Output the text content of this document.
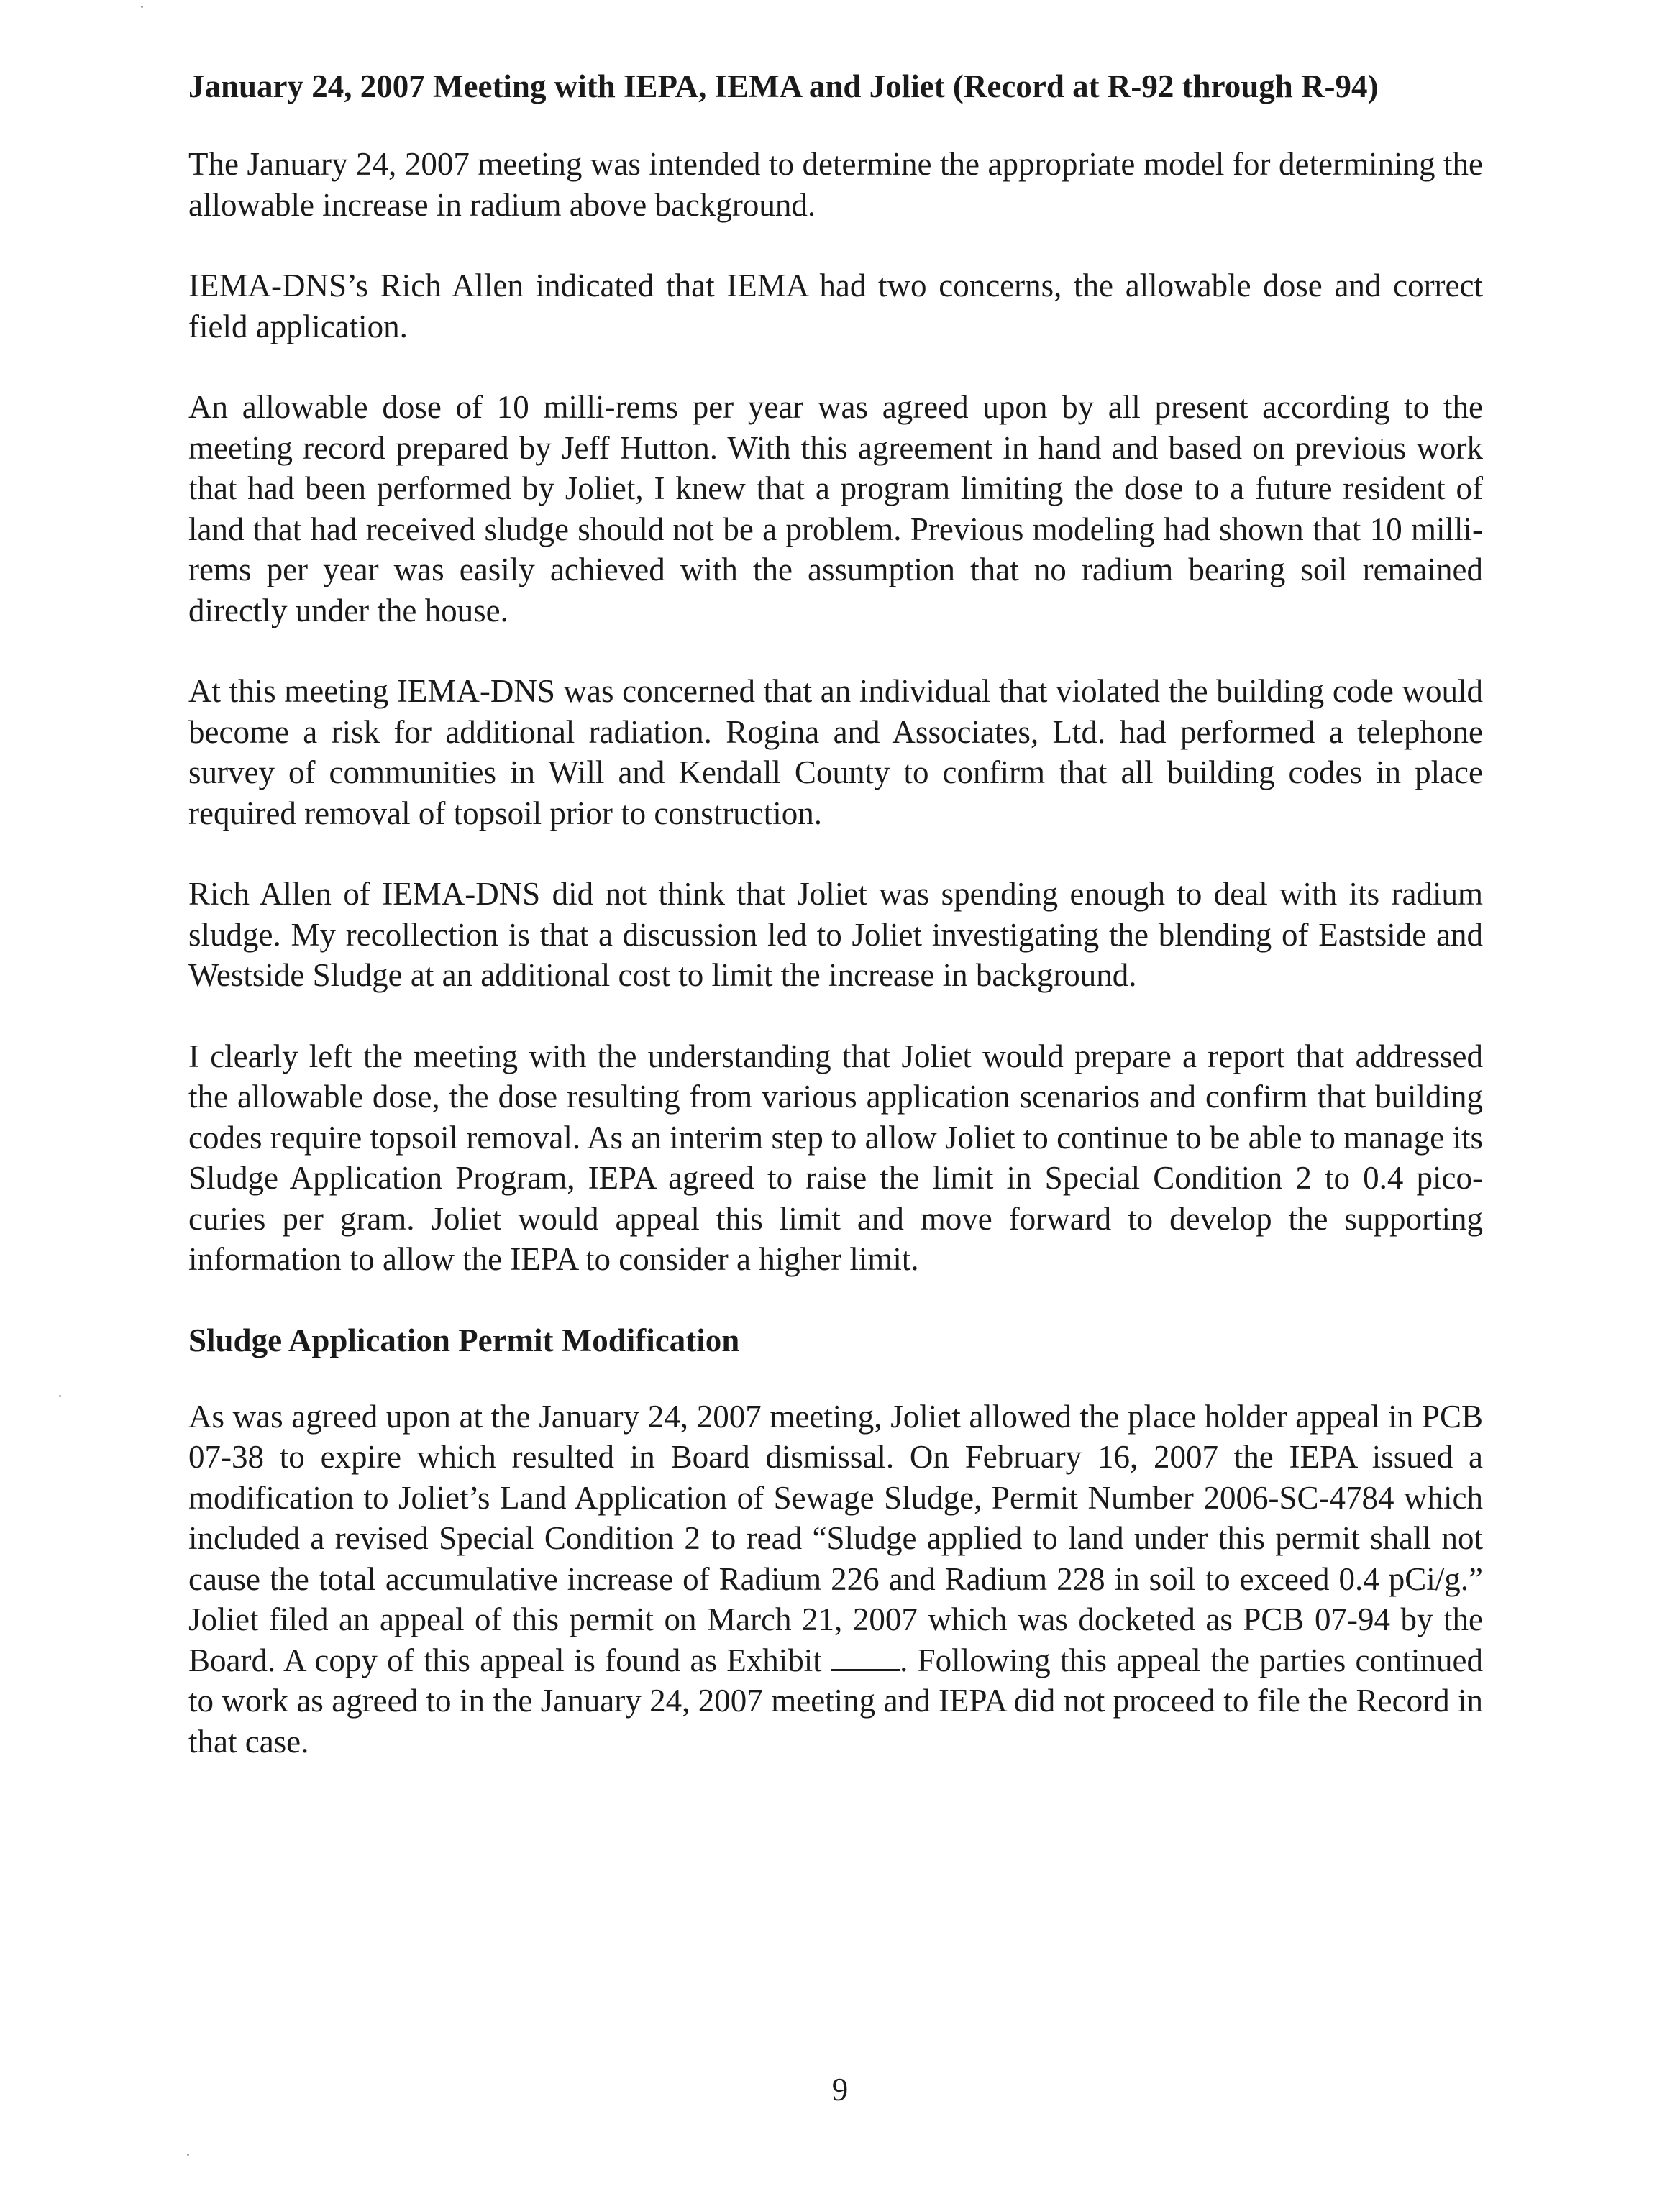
January 24, 2007 Meeting with IEPA, IEMA and Joliet (Record at R-92 through R-94)

The January 24, 2007 meeting was intended to determine the appropriate model for determining the allowable increase in radium above background.

IEMA-DNS’s Rich Allen indicated that IEMA had two concerns, the allowable dose and correct field application.

An allowable dose of 10 milli-rems per year was agreed upon by all present according to the meeting record prepared by Jeff Hutton. With this agreement in hand and based on previous work that had been performed by Joliet, I knew that a program limiting the dose to a future resident of land that had received sludge should not be a problem. Previous modeling had shown that 10 milli-rems per year was easily achieved with the assumption that no radium bearing soil remained directly under the house.

At this meeting IEMA-DNS was concerned that an individual that violated the building code would become a risk for additional radiation. Rogina and Associates, Ltd. had performed a telephone survey of communities in Will and Kendall County to confirm that all building codes in place required removal of topsoil prior to construction.

Rich Allen of IEMA-DNS did not think that Joliet was spending enough to deal with its radium sludge. My recollection is that a discussion led to Joliet investigating the blending of Eastside and Westside Sludge at an additional cost to limit the increase in background.

I clearly left the meeting with the understanding that Joliet would prepare a report that addressed the allowable dose, the dose resulting from various application scenarios and confirm that building codes require topsoil removal. As an interim step to allow Joliet to continue to be able to manage its Sludge Application Program, IEPA agreed to raise the limit in Special Condition 2 to 0.4 pico-curies per gram. Joliet would appeal this limit and move forward to develop the supporting information to allow the IEPA to consider a higher limit.

Sludge Application Permit Modification

As was agreed upon at the January 24, 2007 meeting, Joliet allowed the place holder appeal in PCB 07-38 to expire which resulted in Board dismissal. On February 16, 2007 the IEPA issued a modification to Joliet’s Land Application of Sewage Sludge, Permit Number 2006-SC-4784 which included a revised Special Condition 2 to read “Sludge applied to land under this permit shall not cause the total accumulative increase of Radium 226 and Radium 228 in soil to exceed 0.4 pCi/g.” Joliet filed an appeal of this permit on March 21, 2007 which was docketed as PCB 07-94 by the Board. A copy of this appeal is found as Exhibit . Following this appeal the parties continued to work as agreed to in the January 24, 2007 meeting and IEPA did not proceed to file the Record in that case.

9
